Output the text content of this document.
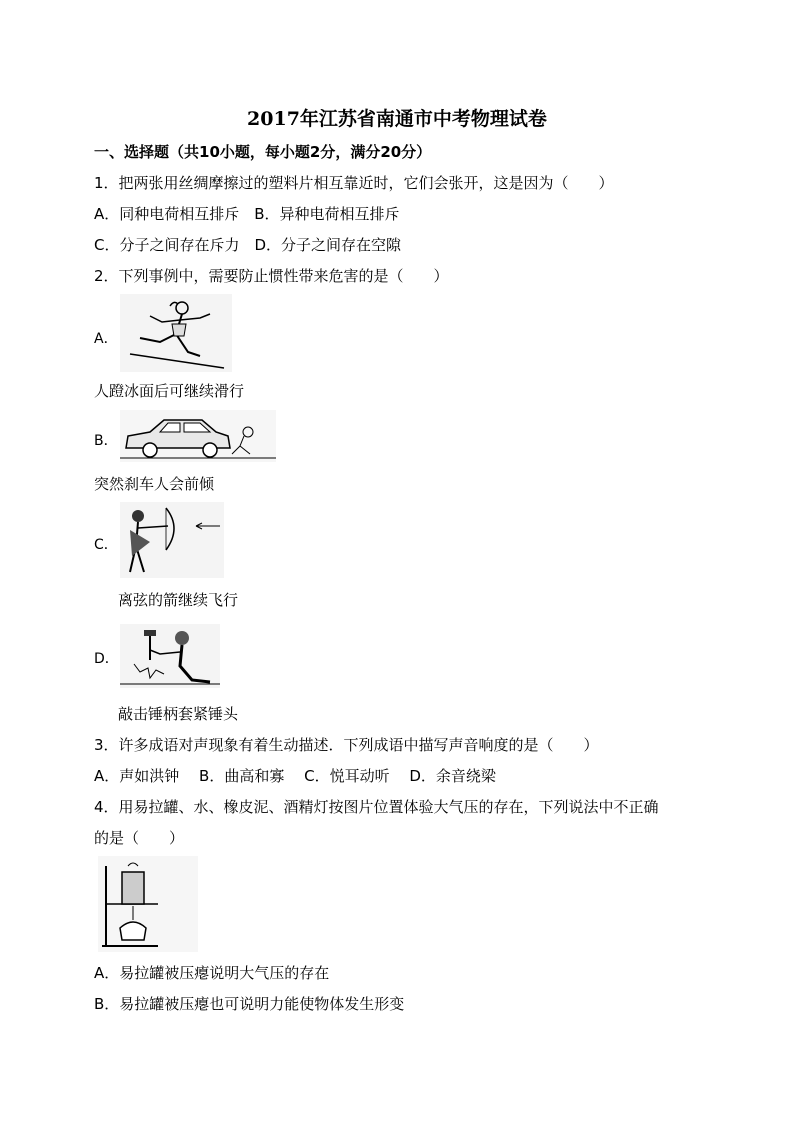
2017年江苏省南通市中考物理试卷
一、选择题（共10小题，每小题2分，满分20分）
1．把两张用丝绸摩擦过的塑料片相互靠近时，它们会张开，这是因为（　　）
A．同种电荷相互排斥　B．异种电荷相互排斥
C．分子之间存在斥力　D．分子之间存在空隙
2．下列事例中，需要防止惯性带来危害的是（　　）
A．
人蹬冰面后可继续滑行
B．
突然刹车人会前倾
C．
离弦的箭继续飞行
D．
敲击锤柄套紧锤头
3．许多成语对声现象有着生动描述．下列成语中描写声音响度的是（　　）
A．声如洪钟　 B．曲高和寡　 C．悦耳动听　 D．余音绕梁
4．用易拉罐、水、橡皮泥、酒精灯按图片位置体验大气压的存在，下列说法中不正确
的是（　　）
A．易拉罐被压瘪说明大气压的存在
B．易拉罐被压瘪也可说明力能使物体发生形变
